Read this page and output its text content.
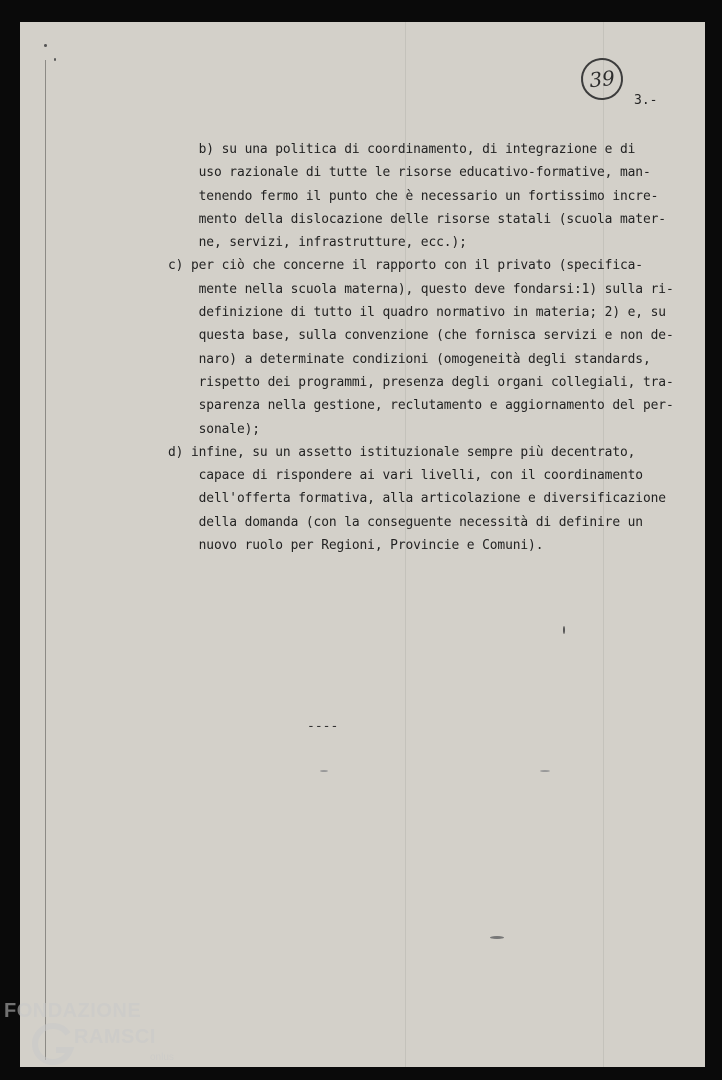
39
3.-
b) su una politica di coordinamento, di integrazione e di
uso razionale di tutte le risorse educativo-formative, man-
tenendo fermo il punto che è necessario un fortissimo incre-
mento della dislocazione delle risorse statali (scuola mater-
ne, servizi, infrastrutture, ecc.);
c) per ciò che concerne il rapporto con il privato (specifica-
mente nella scuola materna), questo deve fondarsi:1) sulla ri-
definizione di tutto il quadro normativo in materia; 2) e, su
questa base, sulla convenzione (che fornisca servizi e non de-
naro) a determinate condizioni (omogeneità degli standards,
rispetto dei programmi, presenza degli organi collegiali, tra-
sparenza nella gestione, reclutamento e aggiornamento del per-
sonale);
d) infine, su un assetto istituzionale sempre più decentrato,
capace di rispondere ai vari livelli, con il coordinamento
dell'offerta formativa, alla articolazione e diversificazione
della domanda (con la conseguente necessità di definire un
nuovo ruolo per Regioni, Provincie e Comuni).
----
FONDAZIONE
RAMSCI
onlus
